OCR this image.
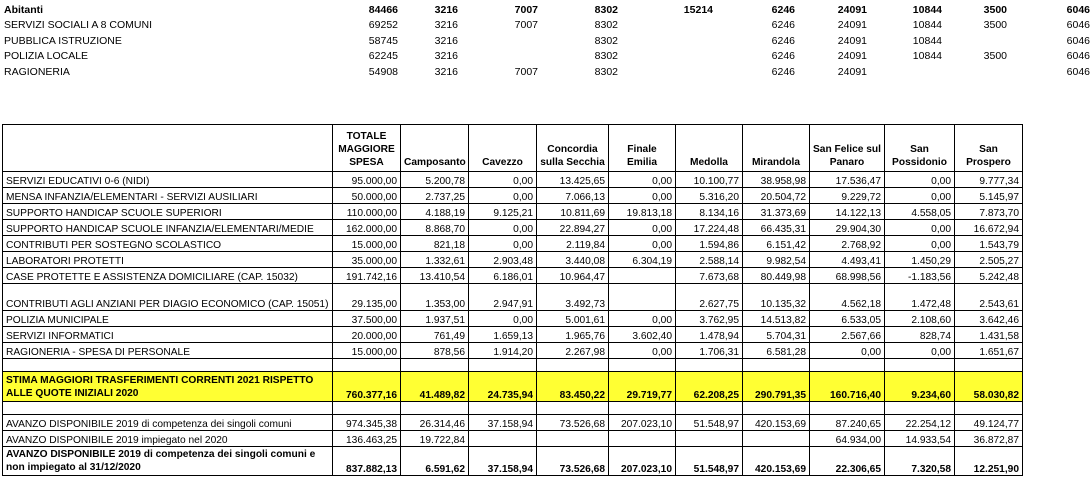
Abitanti	84466	3216	7007	8302	15214	6246	24091	10844	3500	6046
SERVIZI SOCIALI A 8 COMUNI	69252	3216	7007	8302		6246	24091	10844	3500	6046
PUBBLICA ISTRUZIONE	58745	3216		8302		6246	24091	10844		6046
POLIZIA LOCALE	62245	3216		8302		6246	24091	10844	3500	6046
RAGIONERIA	54908	3216	7007	8302		6246	24091			6046
	TOTALE MAGGIORE SPESA	Camposanto	Cavezzo	Concordia sulla Secchia	Finale Emilia	Medolla	Mirandola	San Felice sul Panaro	San Possidonio	San Prospero
SERVIZI EDUCATIVI 0-6 (NIDI)	95.000,00	5.200,78	0,00	13.425,65	0,00	10.100,77	38.958,98	17.536,47	0,00	9.777,34
MENSA INFANZIA/ELEMENTARI - SERVIZI AUSILIARI	50.000,00	2.737,25	0,00	7.066,13	0,00	5.316,20	20.504,72	9.229,72	0,00	5.145,97
SUPPORTO HANDICAP SCUOLE SUPERIORI	110.000,00	4.188,19	9.125,21	10.811,69	19.813,18	8.134,16	31.373,69	14.122,13	4.558,05	7.873,70
SUPPORTO HANDICAP SCUOLE INFANZIA/ELEMENTARI/MEDIE	162.000,00	8.868,70	0,00	22.894,27	0,00	17.224,48	66.435,31	29.904,30	0,00	16.672,94
CONTRIBUTI PER SOSTEGNO SCOLASTICO	15.000,00	821,18	0,00	2.119,84	0,00	1.594,86	6.151,42	2.768,92	0,00	1.543,79
LABORATORI PROTETTI	35.000,00	1.332,61	2.903,48	3.440,08	6.304,19	2.588,14	9.982,54	4.493,41	1.450,29	2.505,27
CASE PROTETTE E ASSISTENZA DOMICILIARE (CAP. 15032)	191.742,16	13.410,54	6.186,01	10.964,47		7.673,68	80.449,98	68.998,56	-1.183,56	5.242,48
CONTRIBUTI AGLI ANZIANI PER DIAGIO ECONOMICO (CAP. 15051)	29.135,00	1.353,00	2.947,91	3.492,73		2.627,75	10.135,32	4.562,18	1.472,48	2.543,61
POLIZIA MUNICIPALE	37.500,00	1.937,51	0,00	5.001,61	0,00	3.762,95	14.513,82	6.533,05	2.108,60	3.642,46
SERVIZI INFORMATICI	20.000,00	761,49	1.659,13	1.965,76	3.602,40	1.478,94	5.704,31	2.567,66	828,74	1.431,58
RAGIONERIA - SPESA DI PERSONALE	15.000,00	878,56	1.914,20	2.267,98	0,00	1.706,31	6.581,28	0,00	0,00	1.651,67

STIMA MAGGIORI TRASFERIMENTI CORRENTI 2021 RISPETTO ALLE QUOTE INIZIALI 2020	760.377,16	41.489,82	24.735,94	83.450,22	29.719,77	62.208,25	290.791,35	160.716,40	9.234,60	58.030,82

AVANZO DISPONIBILE 2019 di competenza dei singoli comuni	974.345,38	26.314,46	37.158,94	73.526,68	207.023,10	51.548,97	420.153,69	87.240,65	22.254,12	49.124,77
AVANZO DISPONIBILE 2019 impiegato nel 2020	136.463,25	19.722,84						64.934,00	14.933,54	36.872,87
AVANZO DISPONIBILE 2019 di competenza dei singoli comuni e non impiegato al 31/12/2020	837.882,13	6.591,62	37.158,94	73.526,68	207.023,10	51.548,97	420.153,69	22.306,65	7.320,58	12.251,90
